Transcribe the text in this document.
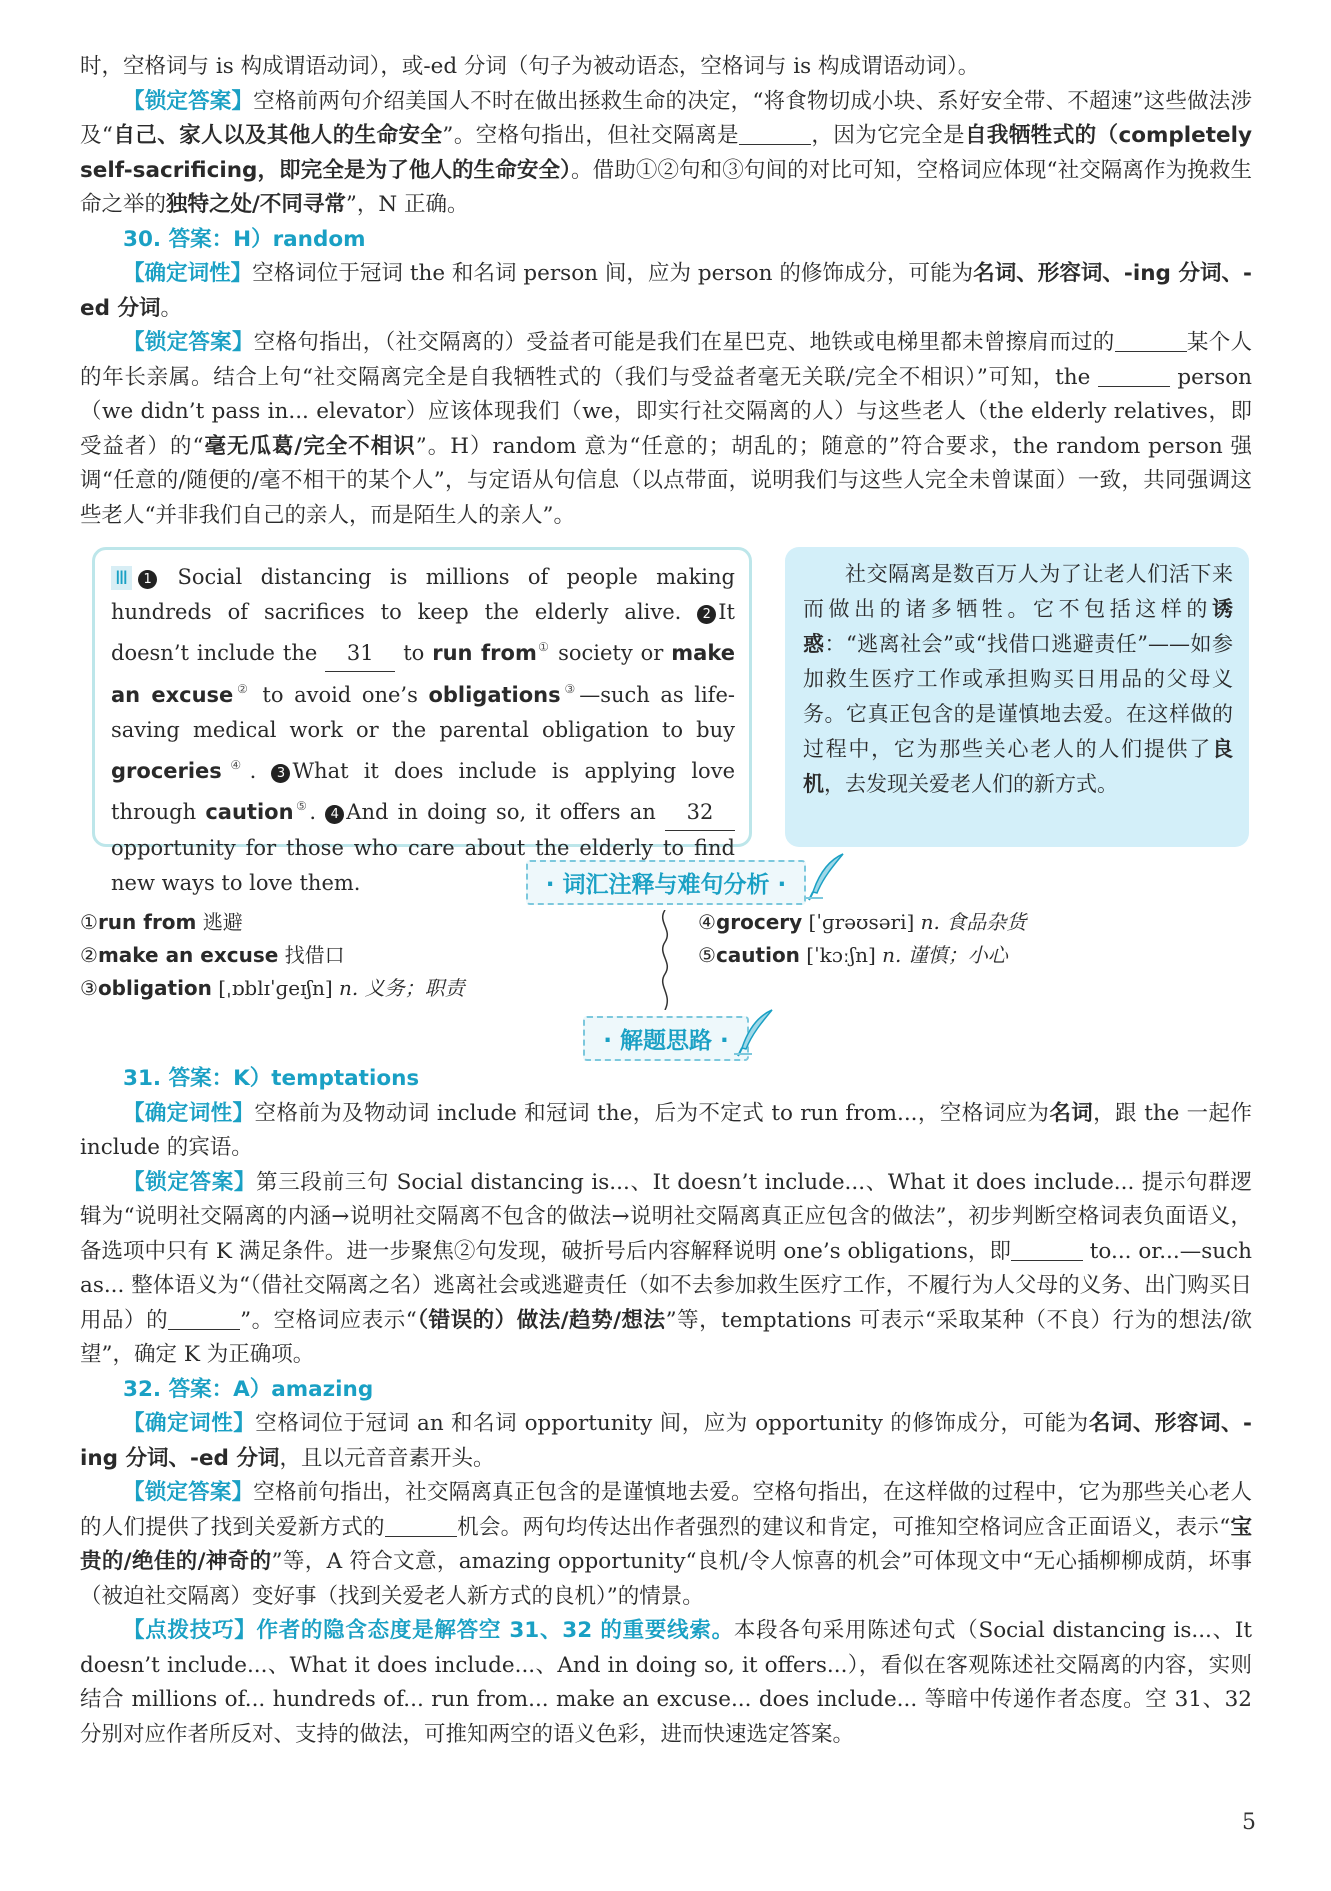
时，空格词与 is 构成谓语动词），或-ed 分词（句子为被动语态，空格词与 is 构成谓语动词）。

【锁定答案】空格前两句介绍美国人不时在做出拯救生命的决定，“将食物切成小块、系好安全带、不超速”这些做法涉及“自己、家人以及其他人的生命安全”。空格句指出，但社交隔离是	，因为它完全是自我牺牲式的（completely self-sacrificing，即完全是为了他人的生命安全）。借助①②句和③句间的对比可知，空格词应体现“社交隔离作为挽救生命之举的独特之处/不同寻常”，N 正确。

30. 答案：H）random

【确定词性】空格词位于冠词 the 和名词 person 间，应为 person 的修饰成分，可能为名词、形容词、-ing 分词、-ed 分词。

【锁定答案】空格句指出，（社交隔离的）受益者可能是我们在星巴克、地铁或电梯里都未曾擦肩而过的	某个人的年长亲属。结合上句“社交隔离完全是自我牺牲式的（我们与受益者毫无关联/完全不相识）”可知，the	person（we didn’t pass in... elevator）应该体现我们（we，即实行社交隔离的人）与这些老人（the elderly relatives，即受益者）的“毫无瓜葛/完全不相识”。H）random 意为“任意的；胡乱的；随意的”符合要求，the random person 强调“任意的/随便的/毫不相干的某个人”，与定语从句信息（以点带面，说明我们与这些人完全未曾谋面）一致，共同强调这些老人“并非我们自己的亲人，而是陌生人的亲人”。

Ⅲ 1 Social distancing is millions of people making hundreds of sacrifices to keep the elderly alive. 2 It doesn’t include the 31 to run from① society or make an excuse② to avoid one’s obligations③—such as life-saving medical work or the parental obligation to buy groceries④. 3 What it does include is applying love through caution⑤. 4 And in doing so, it offers an 32 opportunity for those who care about the elderly to find new ways to love them.

社交隔离是数百万人为了让老人们活下来而做出的诸多牺牲。它不包括这样的诱惑：“逃离社会”或“找借口逃避责任”——如参加救生医疗工作或承担购买日用品的父母义务。它真正包含的是谨慎地去爱。在这样做的过程中，它为那些关心老人的人们提供了良机，去发现关爱老人们的新方式。

· 词汇注释与难句分析 ·
①run from 逃避
②make an excuse 找借口
③obligation [ˌɒblɪˈɡeɪʃn] n. 义务；职责
④grocery [ˈɡrəʊsəri] n. 食品杂货
⑤caution [ˈkɔːʃn] n. 谨慎；小心
· 解题思路 ·
31. 答案：K）temptations

【确定词性】空格前为及物动词 include 和冠词 the，后为不定式 to run from...，空格词应为名词，跟 the 一起作 include 的宾语。

【锁定答案】第三段前三句 Social distancing is...、It doesn’t include...、What it does include... 提示句群逻辑为“说明社交隔离的内涵→说明社交隔离不包含的做法→说明社交隔离真正应包含的做法”，初步判断空格词表负面语义，备选项中只有 K 满足条件。进一步聚焦②句发现，破折号后内容解释说明 one’s obligations，即	to... or...—such as... 整体语义为“（借社交隔离之名）逃离社会或逃避责任（如不去参加救生医疗工作，不履行为人父母的义务、出门购买日用品）的	”。空格词应表示“（错误的）做法/趋势/想法”等，temptations 可表示“采取某种（不良）行为的想法/欲望”，确定 K 为正确项。

32. 答案：A）amazing

【确定词性】空格词位于冠词 an 和名词 opportunity 间，应为 opportunity 的修饰成分，可能为名词、形容词、-ing 分词、-ed 分词，且以元音音素开头。

【锁定答案】空格前句指出，社交隔离真正包含的是谨慎地去爱。空格句指出，在这样做的过程中，它为那些关心老人的人们提供了找到关爱新方式的	机会。两句均传达出作者强烈的建议和肯定，可推知空格词应含正面语义，表示“宝贵的/绝佳的/神奇的”等，A 符合文意，amazing opportunity“良机/令人惊喜的机会”可体现文中“无心插柳柳成荫，坏事（被迫社交隔离）变好事（找到关爱老人新方式的良机）”的情景。

【点拨技巧】作者的隐含态度是解答空 31、32 的重要线索。本段各句采用陈述句式（Social distancing is...、It doesn’t include...、What it does include...、And in doing so, it offers...），看似在客观陈述社交隔离的内容，实则结合 millions of... hundreds of... run from... make an excuse... does include... 等暗中传递作者态度。空 31、32 分别对应作者所反对、支持的做法，可推知两空的语义色彩，进而快速选定答案。

5
